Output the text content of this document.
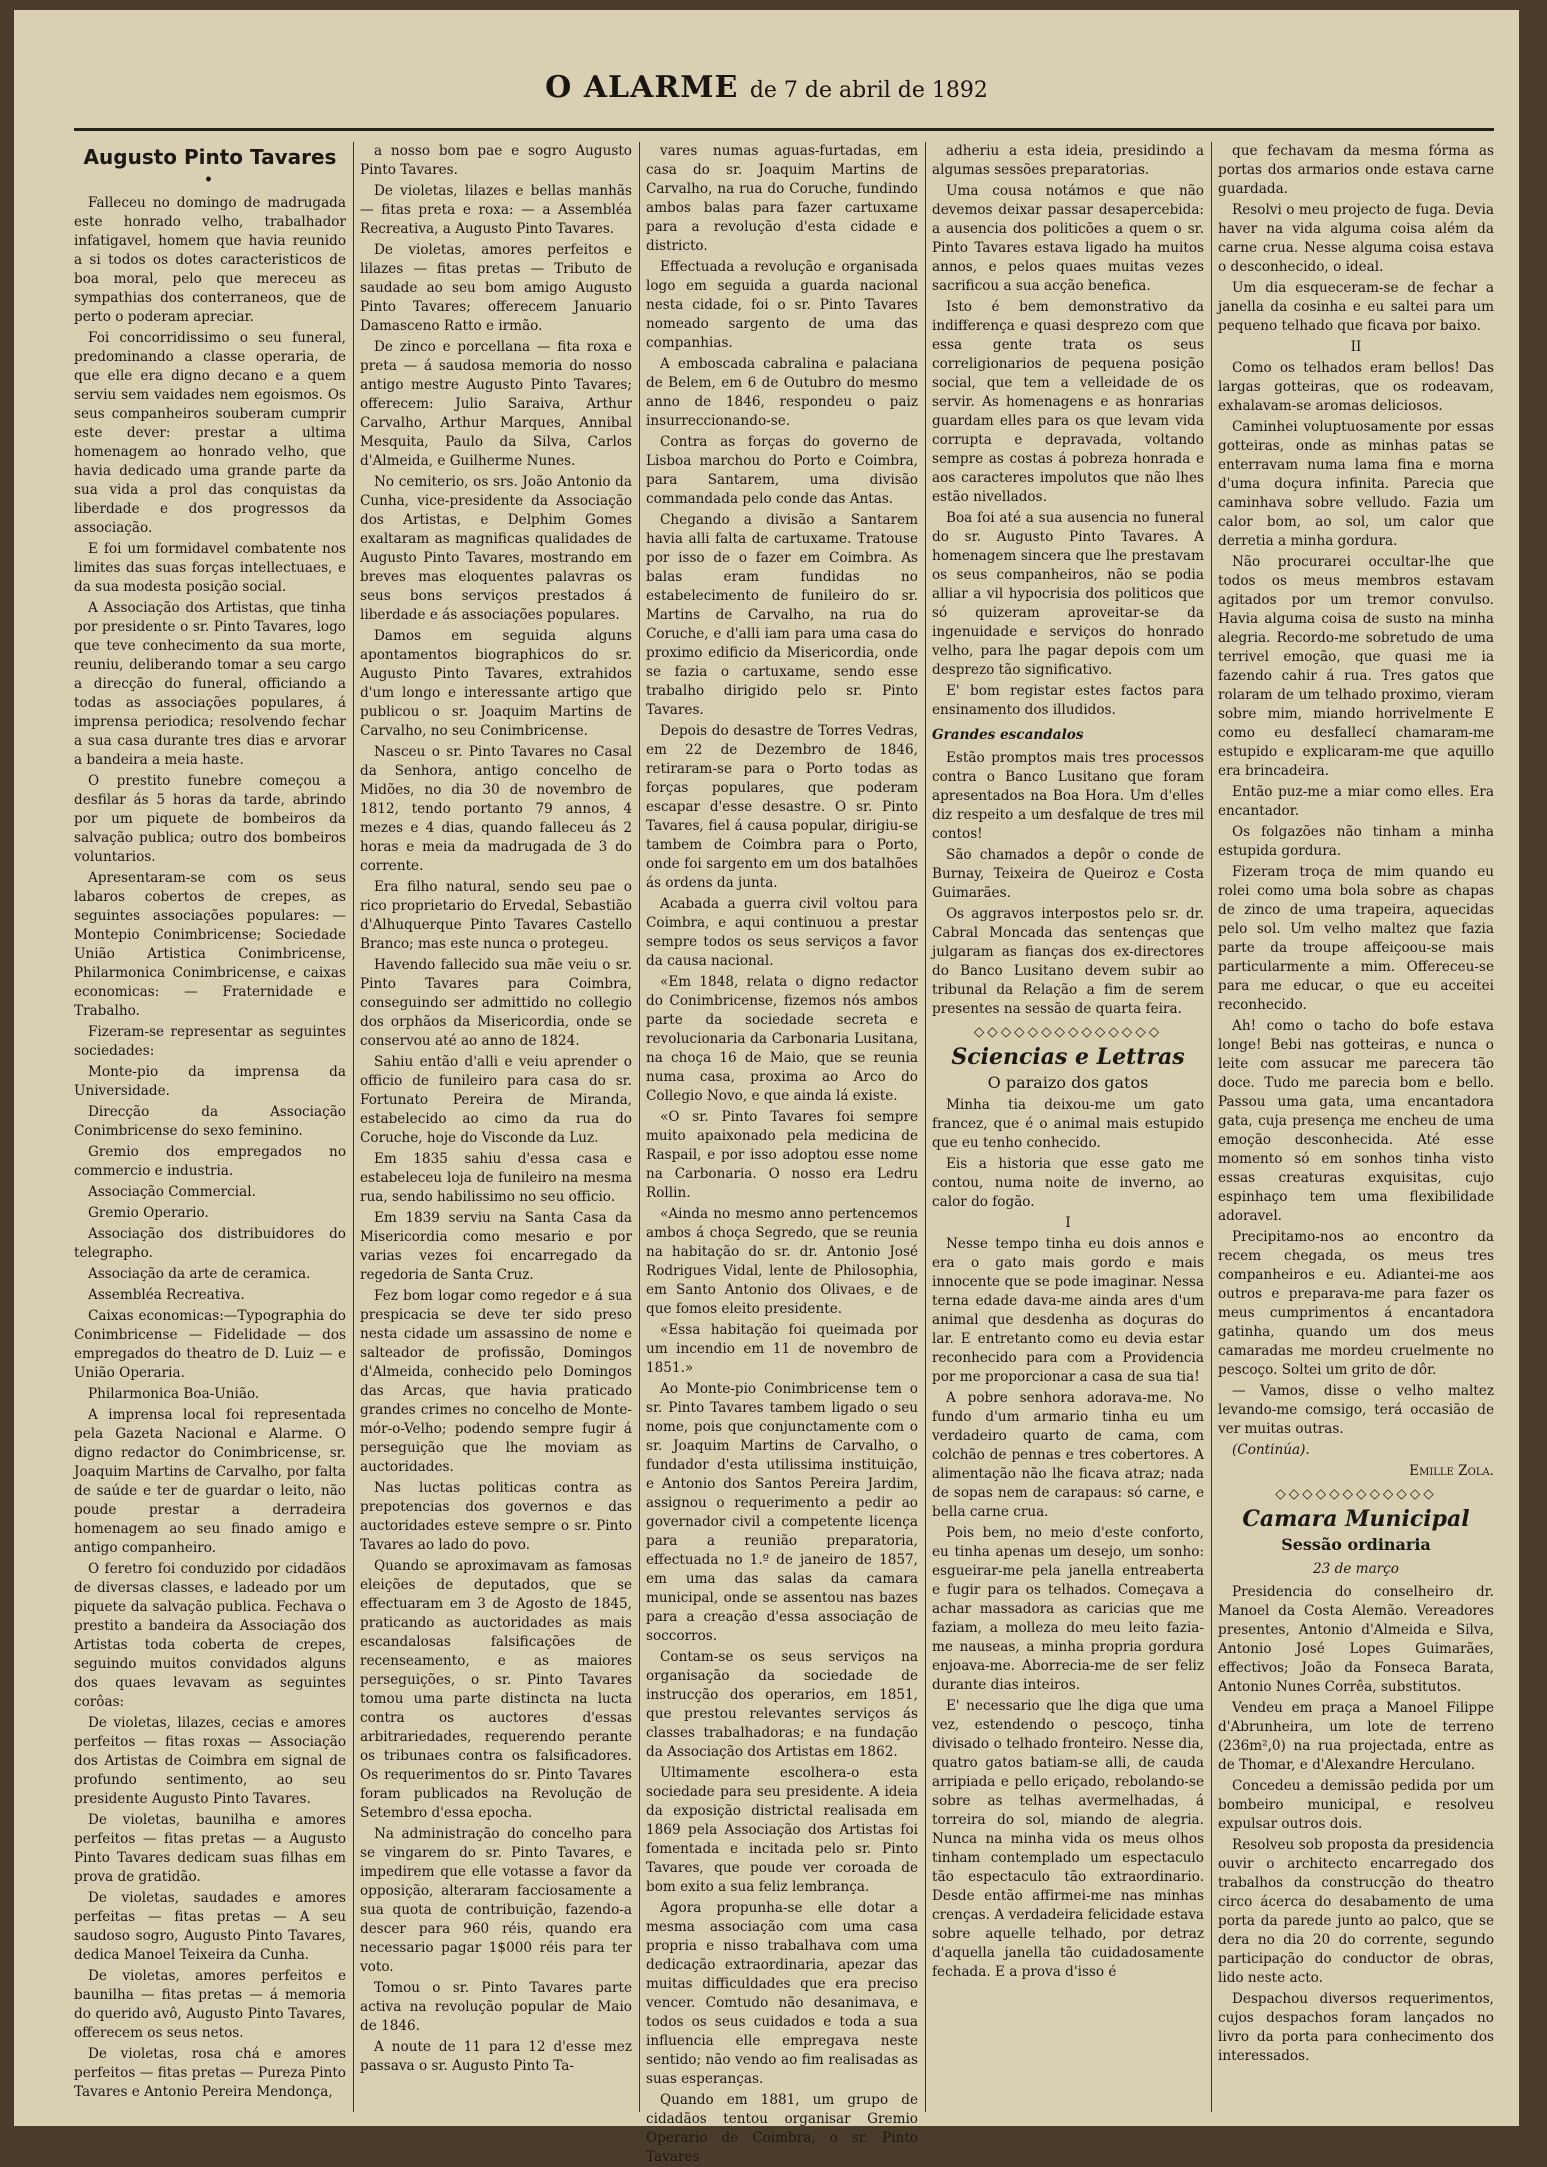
O ALARME de 7 de abril de 1892

Augusto Pinto Tavares

•

Falleceu no domingo de madrugada este honrado velho, trabalhador infatigavel, homem que havia reunido a si todos os dotes caracteristicos de boa moral, pelo que mereceu as sympathias dos conterraneos, que de perto o poderam apreciar.

Foi concorridissimo o seu funeral, predominando a classe operaria, de que elle era digno decano e a quem serviu sem vaidades nem egoismos. Os seus companheiros souberam cumprir este dever: prestar a ultima homenagem ao honrado velho, que havia dedicado uma grande parte da sua vida a prol das conquistas da liberdade e dos progressos da associação.

E foi um formidavel combatente nos limites das suas forças intellectuaes, e da sua modesta posição social.

A Associação dos Artistas, que tinha por presidente o sr. Pinto Tavares, logo que teve conhecimento da sua morte, reuniu, deliberando tomar a seu cargo a direcção do funeral, officiando a todas as associações populares, á imprensa periodica; resolvendo fechar a sua casa durante tres dias e arvorar a bandeira a meia haste.

O prestito funebre começou a desfilar ás 5 horas da tarde, abrindo por um piquete de bombeiros da salvação publica; outro dos bombeiros voluntarios.

Apresentaram-se com os seus labaros cobertos de crepes, as seguintes associações populares: — Montepio Conimbricense; Sociedade União Artistica Conimbricense, Philarmonica Conimbricense, e caixas economicas: — Fraternidade e Trabalho.

Fizeram-se representar as seguintes sociedades:

Monte-pio da imprensa da Universidade.

Direcção da Associação Conimbricense do sexo feminino.

Gremio dos empregados no commercio e industria.

Associação Commercial.

Gremio Operario.

Associação dos distribuidores do telegrapho.

Associação da arte de ceramica.

Assembléa Recreativa.

Caixas economicas:—Typographia do Conimbricense — Fidelidade — dos empregados do theatro de D. Luiz — e União Operaria.

Philarmonica Boa-União.

A imprensa local foi representada pela Gazeta Nacional e Alarme. O digno redactor do Conimbricense, sr. Joaquim Martins de Carvalho, por falta de saúde e ter de guardar o leito, não poude prestar a derradeira homenagem ao seu finado amigo e antigo companheiro.

O feretro foi conduzido por cidadãos de diversas classes, e ladeado por um piquete da salvação publica. Fechava o prestito a bandeira da Associação dos Artistas toda coberta de crepes, seguindo muitos convidados alguns dos quaes levavam as seguintes corôas:

De violetas, lilazes, cecias e amores perfeitos — fitas roxas — Associação dos Artistas de Coimbra em signal de profundo sentimento, ao seu presidente Augusto Pinto Tavares.

De violetas, baunilha e amores perfeitos — fitas pretas — a Augusto Pinto Tavares dedicam suas filhas em prova de gratidão.

De violetas, saudades e amores perfeitas — fitas pretas — A seu saudoso sogro, Augusto Pinto Tavares, dedica Manoel Teixeira da Cunha.

De violetas, amores perfeitos e baunilha — fitas pretas — á memoria do querido avô, Augusto Pinto Tavares, offerecem os seus netos.

De violetas, rosa chá e amores perfeitos — fitas pretas — Pureza Pinto Tavares e Antonio Pereira Mendonça,

a nosso bom pae e sogro Augusto Pinto Tavares.

De violetas, lilazes e bellas manhãs — fitas preta e roxa: — a Assembléa Recreativa, a Augusto Pinto Tavares.

De violetas, amores perfeitos e lilazes — fitas pretas — Tributo de saudade ao seu bom amigo Augusto Pinto Tavares; offerecem Januario Damasceno Ratto e irmão.

De zinco e porcellana — fita roxa e preta — á saudosa memoria do nosso antigo mestre Augusto Pinto Tavares; offerecem: Julio Saraiva, Arthur Carvalho, Arthur Marques, Annibal Mesquita, Paulo da Silva, Carlos d'Almeida, e Guilherme Nunes.

No cemiterio, os srs. João Antonio da Cunha, vice-presidente da Associação dos Artistas, e Delphim Gomes exaltaram as magnificas qualidades de Augusto Pinto Tavares, mostrando em breves mas eloquentes palavras os seus bons serviços prestados á liberdade e ás associações populares.

Damos em seguida alguns apontamentos biographicos do sr. Augusto Pinto Tavares, extrahidos d'um longo e interessante artigo que publicou o sr. Joaquim Martins de Carvalho, no seu Conimbricense.

Nasceu o sr. Pinto Tavares no Casal da Senhora, antigo concelho de Midões, no dia 30 de novembro de 1812, tendo portanto 79 annos, 4 mezes e 4 dias, quando falleceu ás 2 horas e meia da madrugada de 3 do corrente.

Era filho natural, sendo seu pae o rico proprietario do Ervedal, Sebastião d'Alhuquerque Pinto Tavares Castello Branco; mas este nunca o protegeu.

Havendo fallecido sua mãe veiu o sr. Pinto Tavares para Coimbra, conseguindo ser admittido no collegio dos orphãos da Misericordia, onde se conservou até ao anno de 1824.

Sahiu então d'alli e veiu aprender o officio de funileiro para casa do sr. Fortunato Pereira de Miranda, estabelecido ao cimo da rua do Coruche, hoje do Visconde da Luz.

Em 1835 sahiu d'essa casa e estabeleceu loja de funileiro na mesma rua, sendo habilissimo no seu officio.

Em 1839 serviu na Santa Casa da Misericordia como mesario e por varias vezes foi encarregado da regedoria de Santa Cruz.

Fez bom logar como regedor e á sua prespicacia se deve ter sido preso nesta cidade um assassino de nome e salteador de profissão, Domingos d'Almeida, conhecido pelo Domingos das Arcas, que havia praticado grandes crimes no concelho de Monte-mór-o-Velho; podendo sempre fugir á perseguição que lhe moviam as auctoridades.

Nas luctas politicas contra as prepotencias dos governos e das auctoridades esteve sempre o sr. Pinto Tavares ao lado do povo.

Quando se aproximavam as famosas eleições de deputados, que se effectuaram em 3 de Agosto de 1845, praticando as auctoridades as mais escandalosas falsificações de recenseamento, e as maiores perseguições, o sr. Pinto Tavares tomou uma parte distincta na lucta contra os auctores d'essas arbitrariedades, requerendo perante os tribunaes contra os falsificadores. Os requerimentos do sr. Pinto Tavares foram publicados na Revolução de Setembro d'essa epocha.

Na administração do concelho para se vingarem do sr. Pinto Tavares, e impedirem que elle votasse a favor da opposição, alteraram facciosamente a sua quota de contribuição, fazendo-a descer para 960 réis, quando era necessario pagar 1$000 réis para ter voto.

Tomou o sr. Pinto Tavares parte activa na revolução popular de Maio de 1846.

A noute de 11 para 12 d'esse mez passava o sr. Augusto Pinto Ta-

vares numas aguas-furtadas, em casa do sr. Joaquim Martins de Carvalho, na rua do Coruche, fundindo ambos balas para fazer cartuxame para a revolução d'esta cidade e districto.

Effectuada a revolução e organisada logo em seguida a guarda nacional nesta cidade, foi o sr. Pinto Tavares nomeado sargento de uma das companhias.

A emboscada cabralina e palaciana de Belem, em 6 de Outubro do mesmo anno de 1846, respondeu o paiz insurreccionando-se.

Contra as forças do governo de Lisboa marchou do Porto e Coimbra, para Santarem, uma divisão commandada pelo conde das Antas.

Chegando a divisão a Santarem havia alli falta de cartuxame. Tratouse por isso de o fazer em Coimbra. As balas eram fundidas no estabelecimento de funileiro do sr. Martins de Carvalho, na rua do Coruche, e d'alli iam para uma casa do proximo edificio da Misericordia, onde se fazia o cartuxame, sendo esse trabalho dirigido pelo sr. Pinto Tavares.

Depois do desastre de Torres Vedras, em 22 de Dezembro de 1846, retiraram-se para o Porto todas as forças populares, que poderam escapar d'esse desastre. O sr. Pinto Tavares, fiel á causa popular, dirigiu-se tambem de Coimbra para o Porto, onde foi sargento em um dos batalhões ás ordens da junta.

Acabada a guerra civil voltou para Coimbra, e aqui continuou a prestar sempre todos os seus serviços a favor da causa nacional.

«Em 1848, relata o digno redactor do Conimbricense, fizemos nós ambos parte da sociedade secreta e revolucionaria da Carbonaria Lusitana, na choça 16 de Maio, que se reunia numa casa, proxima ao Arco do Collegio Novo, e que ainda lá existe.

«O sr. Pinto Tavares foi sempre muito apaixonado pela medicina de Raspail, e por isso adoptou esse nome na Carbonaria. O nosso era Ledru Rollin.

«Ainda no mesmo anno pertencemos ambos á choça Segredo, que se reunia na habitação do sr. dr. Antonio José Rodrigues Vidal, lente de Philosophia, em Santo Antonio dos Olivaes, e de que fomos eleito presidente.

«Essa habitação foi queimada por um incendio em 11 de novembro de 1851.»

Ao Monte-pio Conimbricense tem o sr. Pinto Tavares tambem ligado o seu nome, pois que conjunctamente com o sr. Joaquim Martins de Carvalho, o fundador d'esta utilissima instituição, e Antonio dos Santos Pereira Jardim, assignou o requerimento a pedir ao governador civil a competente licença para a reunião preparatoria, effectuada no 1.º de janeiro de 1857, em uma das salas da camara municipal, onde se assentou nas bazes para a creação d'essa associação de soccorros.

Contam-se os seus serviços na organisação da sociedade de instrucção dos operarios, em 1851, que prestou relevantes serviços ás classes trabalhadoras; e na fundação da Associação dos Artistas em 1862.

Ultimamente escolhera-o esta sociedade para seu presidente. A ideia da exposição districtal realisada em 1869 pela Associação dos Artistas foi fomentada e incitada pelo sr. Pinto Tavares, que poude ver coroada de bom exito a sua feliz lembrança.

Agora propunha-se elle dotar a mesma associação com uma casa propria e nisso trabalhava com uma dedicação extraordinaria, apezar das muitas difficuldades que era preciso vencer. Comtudo não desanimava, e todos os seus cuidados e toda a sua influencia elle empregava neste sentido; não vendo ao fim realisadas as suas esperanças.

Quando em 1881, um grupo de cidadãos tentou organisar Gremio Operario de Coimbra, o sr. Pinto Tavares

adheriu a esta ideia, presidindo a algumas sessões preparatorias.

Uma cousa notámos e que não devemos deixar passar desapercebida: a ausencia dos politicões a quem o sr. Pinto Tavares estava ligado ha muitos annos, e pelos quaes muitas vezes sacrificou a sua acção benefica.

Isto é bem demonstrativo da indifferença e quasi desprezo com que essa gente trata os seus correligionarios de pequena posição social, que tem a velleidade de os servir. As homenagens e as honrarias guardam elles para os que levam vida corrupta e depravada, voltando sempre as costas á pobreza honrada e aos caracteres impolutos que não lhes estão nivellados.

Boa foi até a sua ausencia no funeral do sr. Augusto Pinto Tavares. A homenagem sincera que lhe prestavam os seus companheiros, não se podia alliar a vil hypocrisia dos politicos que só quizeram aproveitar-se da ingenuidade e serviços do honrado velho, para lhe pagar depois com um desprezo tão significativo.

E' bom registar estes factos para ensinamento dos illudidos.

Grandes escandalos

Estão promptos mais tres processos contra o Banco Lusitano que foram apresentados na Boa Hora. Um d'elles diz respeito a um desfalque de tres mil contos!

São chamados a depôr o conde de Burnay, Teixeira de Queiroz e Costa Guimarães.

Os aggravos interpostos pelo sr. dr. Cabral Moncada das sentenças que julgaram as fianças dos ex-directores do Banco Lusitano devem subir ao tribunal da Relação a fim de serem presentes na sessão de quarta feira.

◇◇◇◇◇◇◇◇◇◇◇◇◇◇

Sciencias e Lettras

O paraizo dos gatos

Minha tia deixou-me um gato francez, que é o animal mais estupido que eu tenho conhecido.

Eis a historia que esse gato me contou, numa noite de inverno, ao calor do fogão.

I

Nesse tempo tinha eu dois annos e era o gato mais gordo e mais innocente que se pode imaginar. Nessa terna edade dava-me ainda ares d'um animal que desdenha as doçuras do lar. E entretanto como eu devia estar reconhecido para com a Providencia por me proporcionar a casa de sua tia!

A pobre senhora adorava-me. No fundo d'um armario tinha eu um verdadeiro quarto de cama, com colchão de pennas e tres cobertores. A alimentação não lhe ficava atraz; nada de sopas nem de carapaus: só carne, e bella carne crua.

Pois bem, no meio d'este conforto, eu tinha apenas um desejo, um sonho: esgueirar-me pela janella entreaberta e fugir para os telhados. Começava a achar massadora as caricias que me faziam, a molleza do meu leito fazia-me nauseas, a minha propria gordura enjoava-me. Aborrecia-me de ser feliz durante dias inteiros.

E' necessario que lhe diga que uma vez, estendendo o pescoço, tinha divisado o telhado fronteiro. Nesse dia, quatro gatos batiam-se alli, de cauda arripiada e pello eriçado, rebolando-se sobre as telhas avermelhadas, á torreira do sol, miando de alegria. Nunca na minha vida os meus olhos tinham contemplado um espectaculo tão espectaculo tão extraordinario. Desde então affirmei-me nas minhas crenças. A verdadeira felicidade estava sobre aquelle telhado, por detraz d'aquella janella tão cuidadosamente fechada. E a prova d'isso é

que fechavam da mesma fórma as portas dos armarios onde estava carne guardada.

Resolvi o meu projecto de fuga. Devia haver na vida alguma coisa além da carne crua. Nesse alguma coisa estava o desconhecido, o ideal.

Um dia esqueceram-se de fechar a janella da cosinha e eu saltei para um pequeno telhado que ficava por baixo.

II

Como os telhados eram bellos! Das largas gotteiras, que os rodeavam, exhalavam-se aromas deliciosos.

Caminhei voluptuosamente por essas gotteiras, onde as minhas patas se enterravam numa lama fina e morna d'uma doçura infinita. Parecia que caminhava sobre velludo. Fazia um calor bom, ao sol, um calor que derretia a minha gordura.

Não procurarei occultar-lhe que todos os meus membros estavam agitados por um tremor convulso. Havia alguma coisa de susto na minha alegria. Recordo-me sobretudo de uma terrivel emoção, que quasi me ia fazendo cahir á rua. Tres gatos que rolaram de um telhado proximo, vieram sobre mim, miando horrivelmente E como eu desfallecí chamaram-me estupido e explicaram-me que aquillo era brincadeira.

Então puz-me a miar como elles. Era encantador.

Os folgazões não tinham a minha estupida gordura.

Fizeram troça de mim quando eu rolei como uma bola sobre as chapas de zinco de uma trapeira, aquecidas pelo sol. Um velho maltez que fazia parte da troupe affeiçoou-se mais particularmente a mim. Offereceu-se para me educar, o que eu acceitei reconhecido.

Ah! como o tacho do bofe estava longe! Bebi nas gotteiras, e nunca o leite com assucar me parecera tão doce. Tudo me parecia bom e bello. Passou uma gata, uma encantadora gata, cuja presença me encheu de uma emoção desconhecida. Até esse momento só em sonhos tinha visto essas creaturas exquisitas, cujo espinhaço tem uma flexibilidade adoravel.

Precipitamo-nos ao encontro da recem chegada, os meus tres companheiros e eu. Adiantei-me aos outros e preparava-me para fazer os meus cumprimentos á encantadora gatinha, quando um dos meus camaradas me mordeu cruelmente no pescoço. Soltei um grito de dôr.

— Vamos, disse o velho maltez levando-me comsigo, terá occasião de ver muitas outras.

(Continúa).

Emille Zola.

◇◇◇◇◇◇◇◇◇◇◇◇

Camara Municipal

Sessão ordinaria

23 de março

Presidencia do conselheiro dr. Manoel da Costa Alemão. Vereadores presentes, Antonio d'Almeida e Silva, Antonio José Lopes Guimarães, effectivos; João da Fonseca Barata, Antonio Nunes Corrêa, substitutos.

Vendeu em praça a Manoel Filippe d'Abrunheira, um lote de terreno (236m²,0) na rua projectada, entre as de Thomar, e d'Alexandre Herculano.

Concedeu a demissão pedida por um bombeiro municipal, e resolveu expulsar outros dois.

Resolveu sob proposta da presidencia ouvir o architecto encarregado dos trabalhos da construcção do theatro circo ácerca do desabamento de uma porta da parede junto ao palco, que se dera no dia 20 do corrente, segundo participação do conductor de obras, lido neste acto.

Despachou diversos requerimentos, cujos despachos foram lançados no livro da porta para conhecimento dos interessados.
